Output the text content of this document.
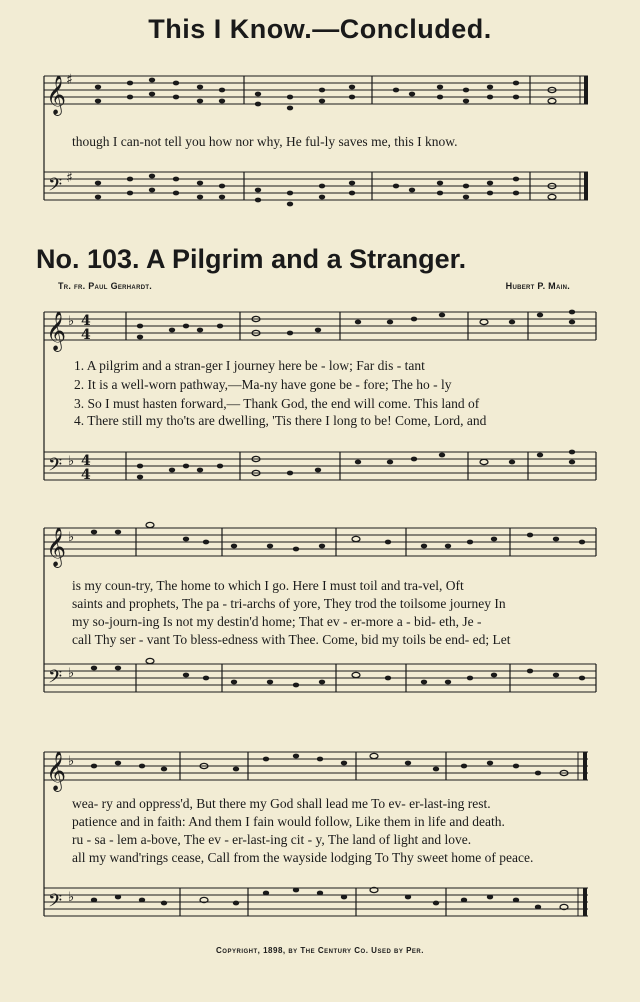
This I Know.—Concluded.
𝄞
𝄢
𝄞
𝄢
𝄞
𝄢
𝄞
𝄢
♯
♯
♭
♭
♭
♭
♭
♭
4
4
4
4
though I can-not tell you how nor why, He ful-ly saves me, this I know.
No. 103. A Pilgrim and a Stranger.
Tr. fr. Paul Gerhardt.	Hubert P. Main.
1. A pilgrim and a stran-ger I journey here be - low; Far dis - tant
2. It is a well-worn pathway,—Ma-ny have gone be - fore; The ho - ly
3. So I must hasten forward,— Thank God, the end will come. This land of
4. There still my tho'ts are dwelling, 'Tis there I long to be! Come, Lord, and
is my coun-try, The home to which I go. Here I must toil and tra-vel, Oft
saints and prophets, The pa - tri-archs of yore, They trod the toilsome journey In
my so-journ-ing Is not my destin'd home; That ev - er-more a - bid- eth, Je -
call Thy ser - vant To bless-edness with Thee. Come, bid my toils be end- ed; Let
wea- ry and oppress'd, But there my God shall lead me To ev- er-last-ing rest.
patience and in faith: And them I fain would follow, Like them in life and death.
ru - sa - lem a-bove, The ev - er-last-ing cit - y, The land of light and love.
all my wand'rings cease, Call from the wayside lodging To Thy sweet home of peace.
Copyright, 1898, by The Century Co. Used by Per.
